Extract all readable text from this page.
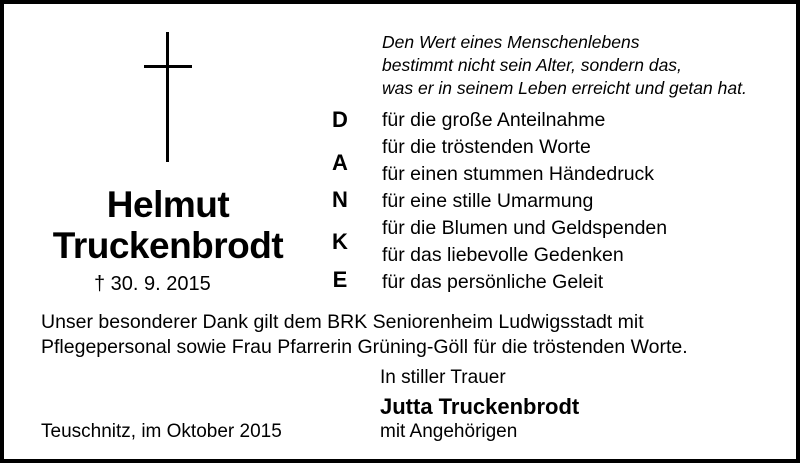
Helmut
Truckenbrodt
† 30. 9. 2015
Den Wert eines Menschenlebens
bestimmt nicht sein Alter, sondern das,
was er in seinem Leben erreicht und getan hat.
D
A
N
K
E
für die große Anteilnahme
für die tröstenden Worte
für einen stummen Händedruck
für eine stille Umarmung
für die Blumen und Geldspenden
für das liebevolle Gedenken
für das persönliche Geleit
Unser besonderer Dank gilt dem BRK Seniorenheim Ludwigsstadt mit
Pflegepersonal sowie Frau Pfarrerin Grüning-Göll für die tröstenden Worte.
In stiller Trauer
Jutta Truckenbrodt
mit Angehörigen
Teuschnitz, im Oktober 2015
